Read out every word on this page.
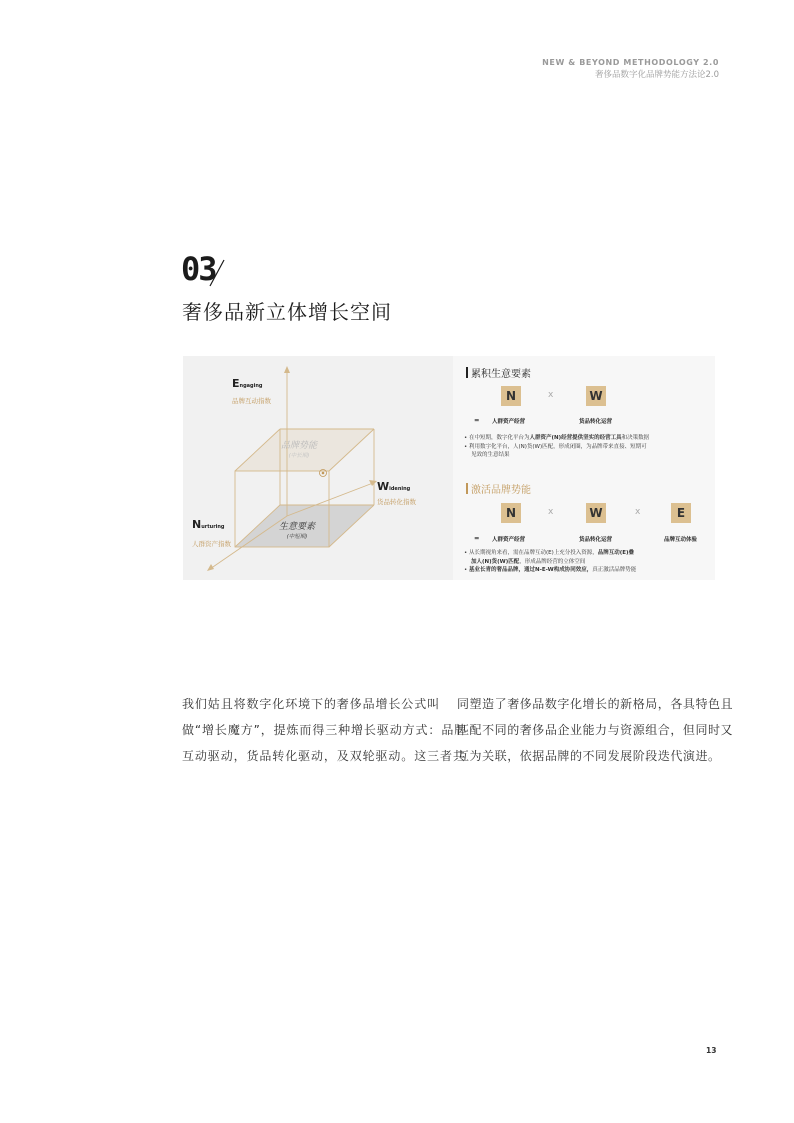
NEW & BEYOND METHODOLOGY 2.0
奢侈品数字化品牌势能方法论2.0
03
奢侈品新立体增长空间
Engaging
品牌互动指数
Widening
货品转化指数
Nurturing
人群资产指数
品牌势能
(中长期)
生意要素
(中短期)
累积生意要素
N	x	W
= 人群资产经营	货品转化运营
• 在中短期，数字化平台为人群资产(N)经营提供坚实的经营工具和决策数据
• 利用数字化平台，人(N)货(W)匹配，形成闭圈，为品牌带来直接、短期可
见效的生意结果
激活品牌势能
N	x	W	x	E
= 人群资产经营	货品转化运营	品牌互动体验
• 从长期视角来看，需在品牌互动(E)上充分投入资源，品牌互动(E)叠
加人(N)货(W)匹配，形成品牌经营的立体空间
• 基业长青的奢品品牌，通过N-E-W构成协同效应，真正激活品牌势能
我们姑且将数字化环境下的奢侈品增长公式叫
做“增长魔方”，提炼而得三种增长驱动方式：品牌
互动驱动，货品转化驱动，及双轮驱动。这三者共
同塑造了奢侈品数字化增长的新格局，各具特色且
匹配不同的奢侈品企业能力与资源组合，但同时又
互为关联，依据品牌的不同发展阶段迭代演进。
13
